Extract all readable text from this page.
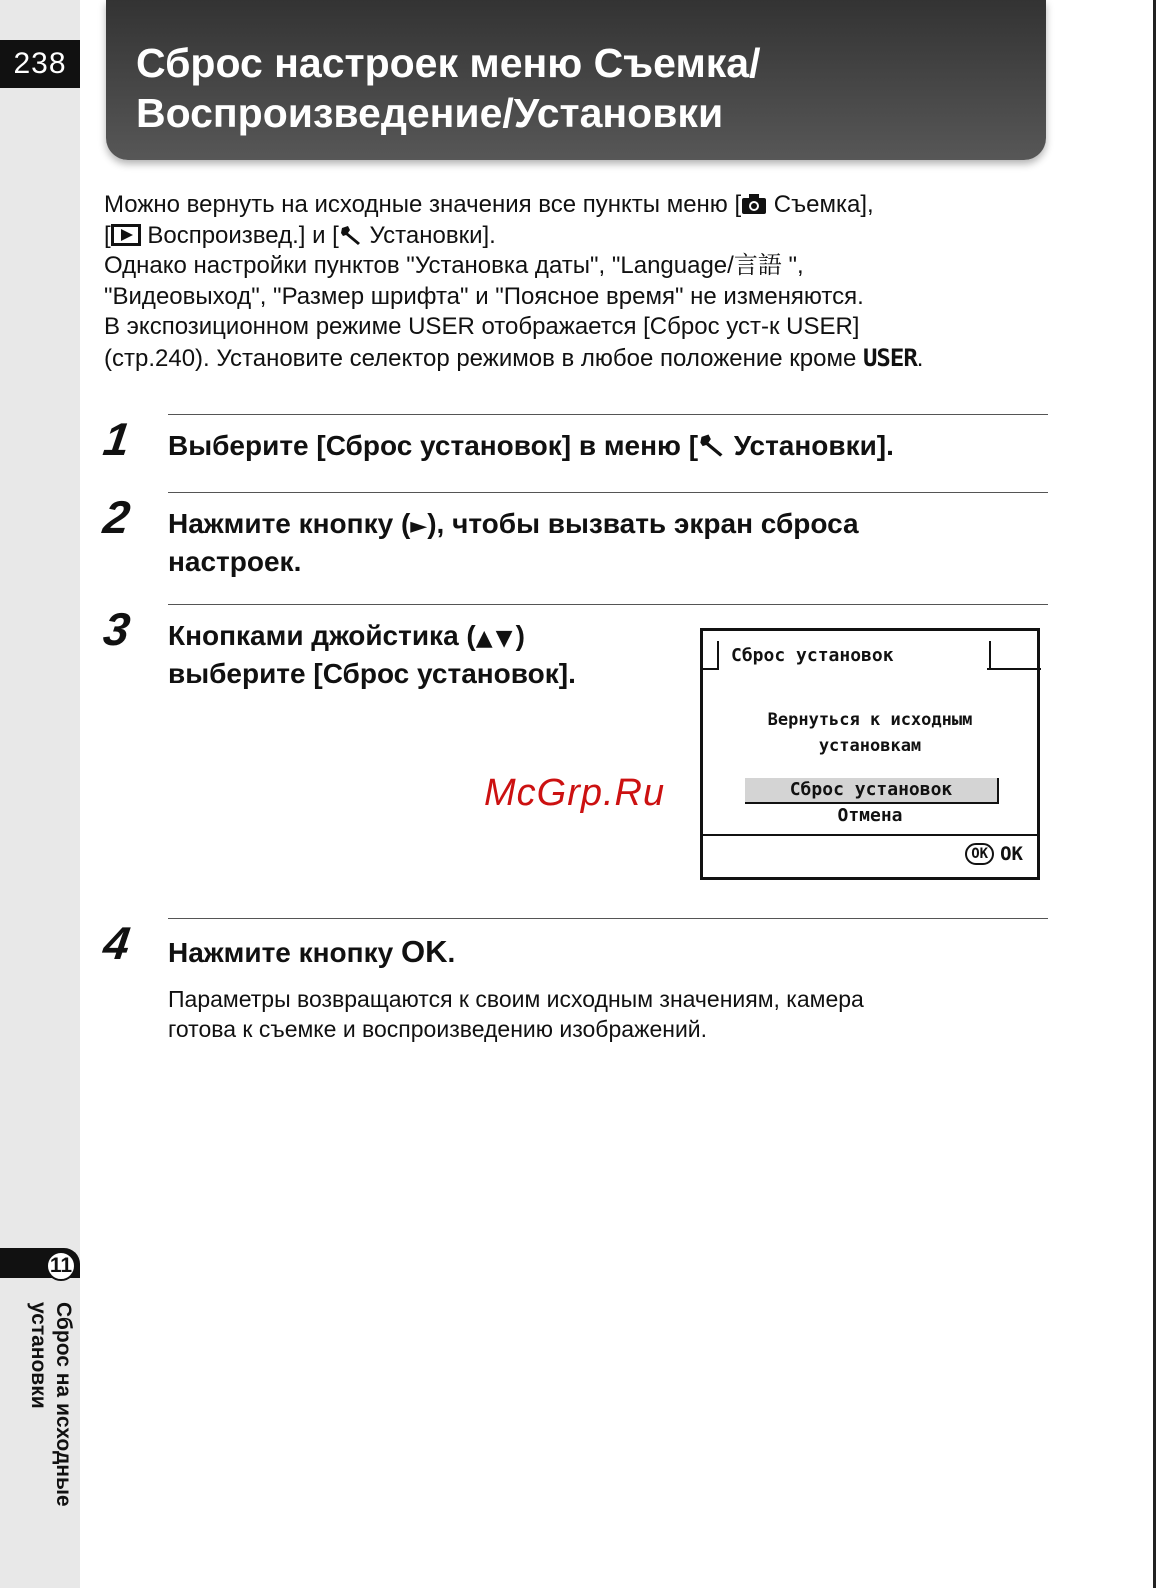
238	Сброс настроек меню Съемка/
Воспроизведение/Установки

Можно вернуть на исходные значения все пункты меню [ Съемка],

[ Воспроизвед.] и [ Установки].

Однако настройки пунктов "Установка даты", "Language/言語 ",

"Видеовыход", "Размер шрифта" и "Поясное время" не изменяются.

В экспозиционном режиме USER отображается [Сброс уст-к USER]

(стр.240). Установите селектор режимов в любое положение кроме USER.

1 Выберите [Сброс установок] в меню [ Установки].

2 Нажмите кнопку (►), чтобы вызвать экран сброса
настроек.

3 Кнопками джойстика (▲▼)
выберите [Сброс установок].

Сброс установок
Вернуться к исходным
установкам
Сброс установок
Отмена
OK OK
McGrp.Ru
4 Нажмите кнопку OK.

Параметры возвращаются к своим исходным значениям, камера
готова к съемке и воспроизведению изображений.

11
Сброс на исходные
установки
